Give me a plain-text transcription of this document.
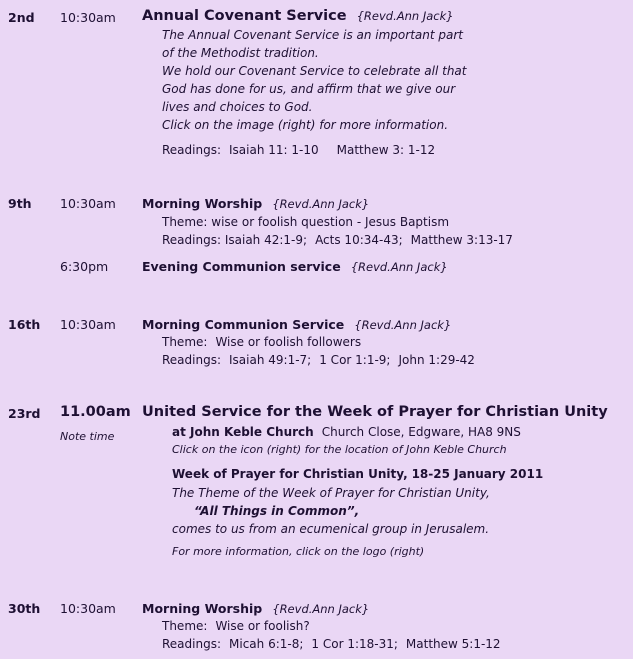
2nd 10:30am Annual Covenant Service {Revd.Ann Jack}
The Annual Covenant Service is an important part
of the Methodist tradition.
We hold our Covenant Service to celebrate all that
God has done for us, and affirm that we give our
lives and choices to God.
Click on the image (right) for more information.
Readings: Isaiah 11: 1-10 Matthew 3: 1-12
9th 10:30am Morning Worship {Revd.Ann Jack}
Theme: wise or foolish question - Jesus Baptism
Readings: Isaiah 42:1-9; Acts 10:34-43; Matthew 3:13-17
6:30pm	Evening Communion service {Revd.Ann Jack}
16th 10:30am Morning Communion Service {Revd.Ann Jack}
Theme: Wise or foolish followers
Readings: Isaiah 49:1-7; 1 Cor 1:1-9; John 1:29-42
23rd 11.00am United Service for the Week of Prayer for Christian Unity
Note time	at John Keble Church Church Close, Edgware, HA8 9NS
Click on the icon (right) for the location of John Keble Church
Week of Prayer for Christian Unity, 18-25 January 2011
The Theme of the Week of Prayer for Christian Unity,
“All Things in Common”,
comes to us from an ecumenical group in Jerusalem.
For more information, click on the logo (right)
30th 10:30am Morning Worship {Revd.Ann Jack}
Theme: Wise or foolish?
Readings: Micah 6:1-8; 1 Cor 1:18-31; Matthew 5:1-12
